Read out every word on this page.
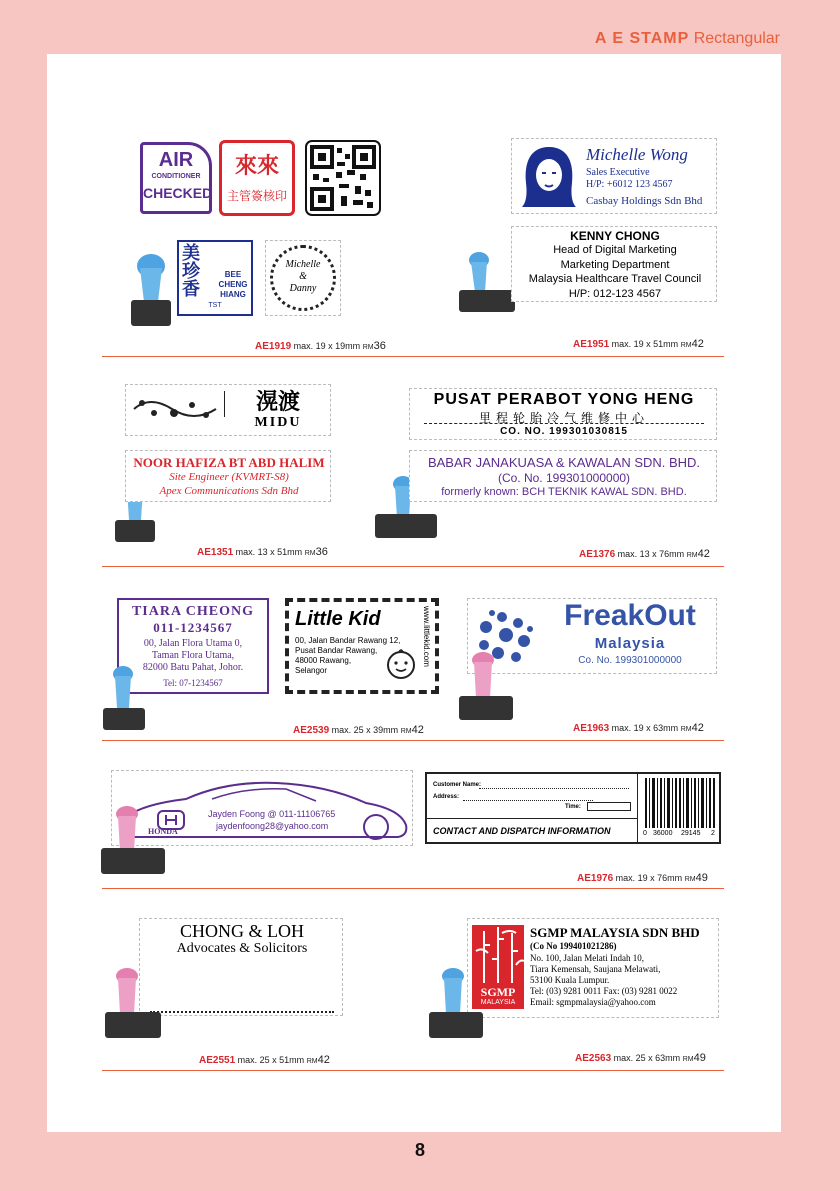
A E STAMP Rectangular
AIR
CONDITIONER
CHECKED
來來
主管簽核印
美
珍
香
BEE
CHENG
HIANG
TST
Michelle
&
Danny
Michelle Wong
Sales Executive
H/P: +6012 123 4567
Casbay Holdings Sdn Bhd
KENNY CHONG
Head of Digital Marketing
Marketing Department
Malaysia Healthcare Travel Council
H/P: 012-123 4567
AE1919 max. 19 x 19mm RM36	AE1951 max. 19 x 51mm RM42
滉渡
MIDU
NOOR HAFIZA BT ABD HALIM
Site Engineer (KVMRT-S8)
Apex Communications Sdn Bhd
PUSAT PERABOT YONG HENG
里程轮胎冷气维修中心
CO. NO. 199301030815
BABAR JANAKUASA & KAWALAN SDN. BHD.
(Co. No. 199301000000)
formerly known: BCH TEKNIK KAWAL SDN. BHD.
AE1351 max. 13 x 51mm RM36	AE1376 max. 13 x 76mm RM42
TIARA CHEONG
011-1234567
00, Jalan Flora Utama 0,
Taman Flora Utama,
82000 Batu Pahat, Johor.
Tel: 07-1234567
Little Kid
00, Jalan Bandar Rawang 12,
Pusat Bandar Rawang,
48000 Rawang,
Selangor
www.littlekid.com	FreakOut
Malaysia
Co. No. 199301000000
AE2539 max. 25 x 39mm RM42	AE1963 max. 19 x 63mm RM42
HONDA
Jayden Foong @ 011-11106765
jaydenfoong28@yahoo.com
Customer Name:
Address:
Time:
CONTACT AND DISPATCH INFORMATION	0 36000 29145 2
AE1976 max. 19 x 76mm RM49
CHONG & LOH
Advocates & Solicitors
SGMP
MALAYSIA
SGMP MALAYSIA SDN BHD
(Co No 199401021286)
No. 100, Jalan Melati Indah 10,
Tiara Kemensah, Saujana Melawati,
53100 Kuala Lumpur.
Tel: (03) 9281 0011 Fax: (03) 9281 0022
Email: sgmpmalaysia@yahoo.com
AE2551 max. 25 x 51mm RM42	AE2563 max. 25 x 63mm RM49
8
